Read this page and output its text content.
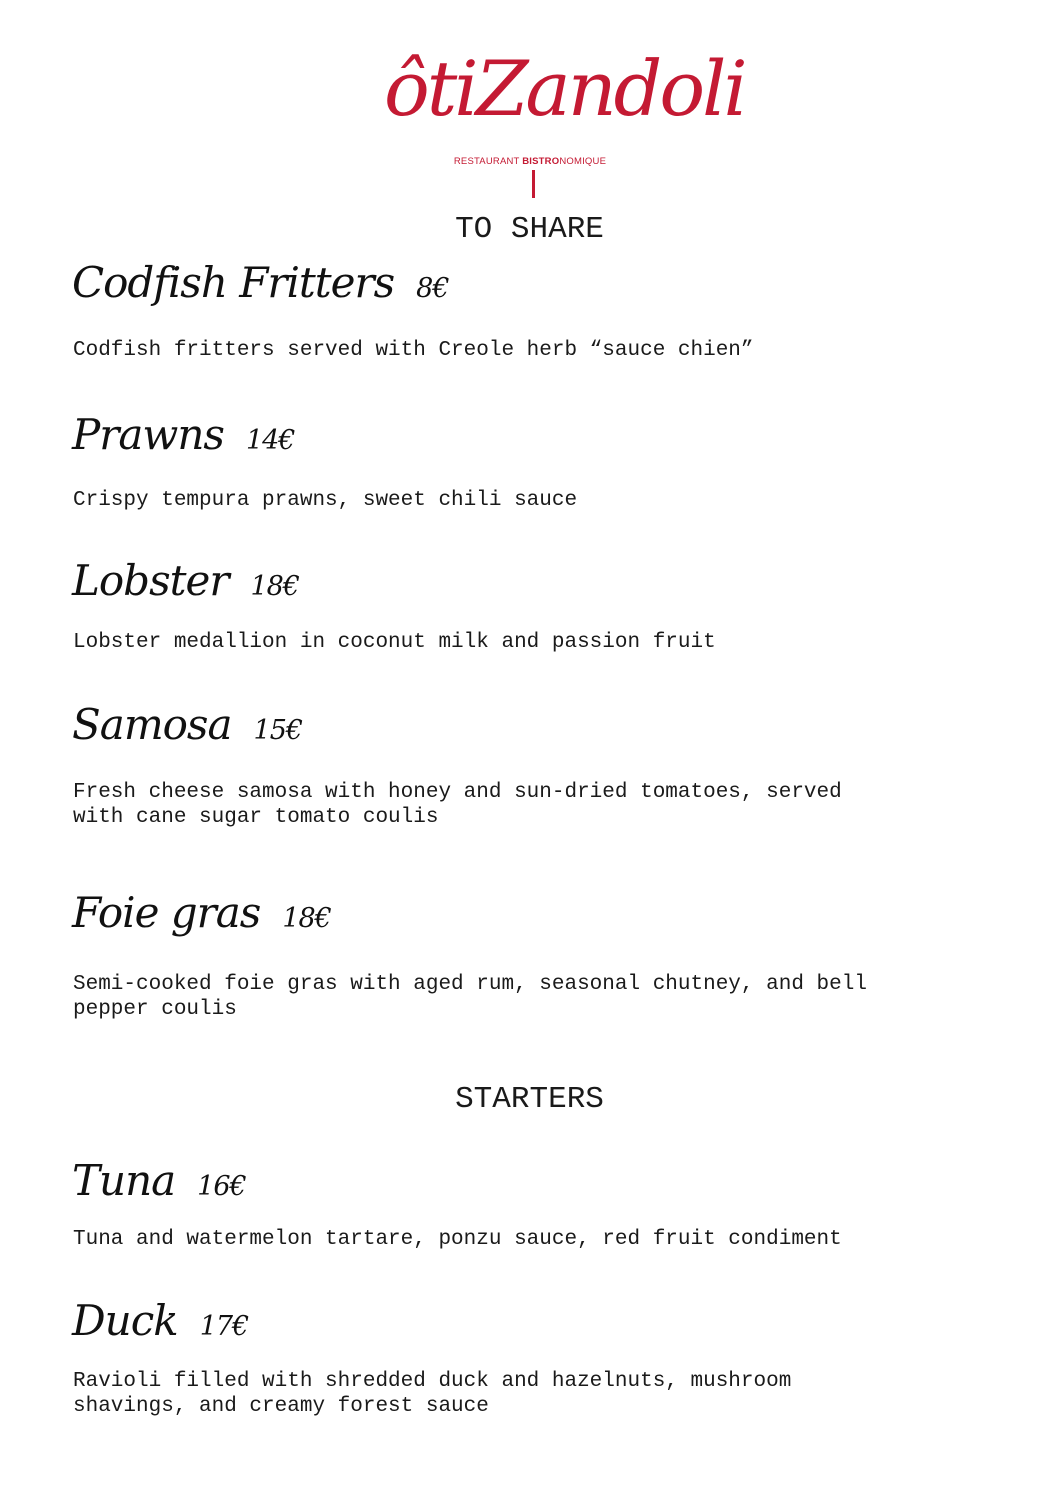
ôtiZandoli
RESTAURANT BISTRONOMIQUE
TO SHARE
Codfish Fritters 8€
Codfish fritters served with Creole herb “sauce chien”
Prawns 14€
Crispy tempura prawns, sweet chili sauce
Lobster 18€
Lobster medallion in coconut milk and passion fruit
Samosa 15€
Fresh cheese samosa with honey and sun-dried tomatoes, served
with cane sugar tomato coulis
Foie gras 18€
Semi-cooked foie gras with aged rum, seasonal chutney, and bell
pepper coulis
STARTERS
Tuna 16€
Tuna and watermelon tartare, ponzu sauce, red fruit condiment
Duck 17€
Ravioli filled with shredded duck and hazelnuts, mushroom
shavings, and creamy forest sauce
